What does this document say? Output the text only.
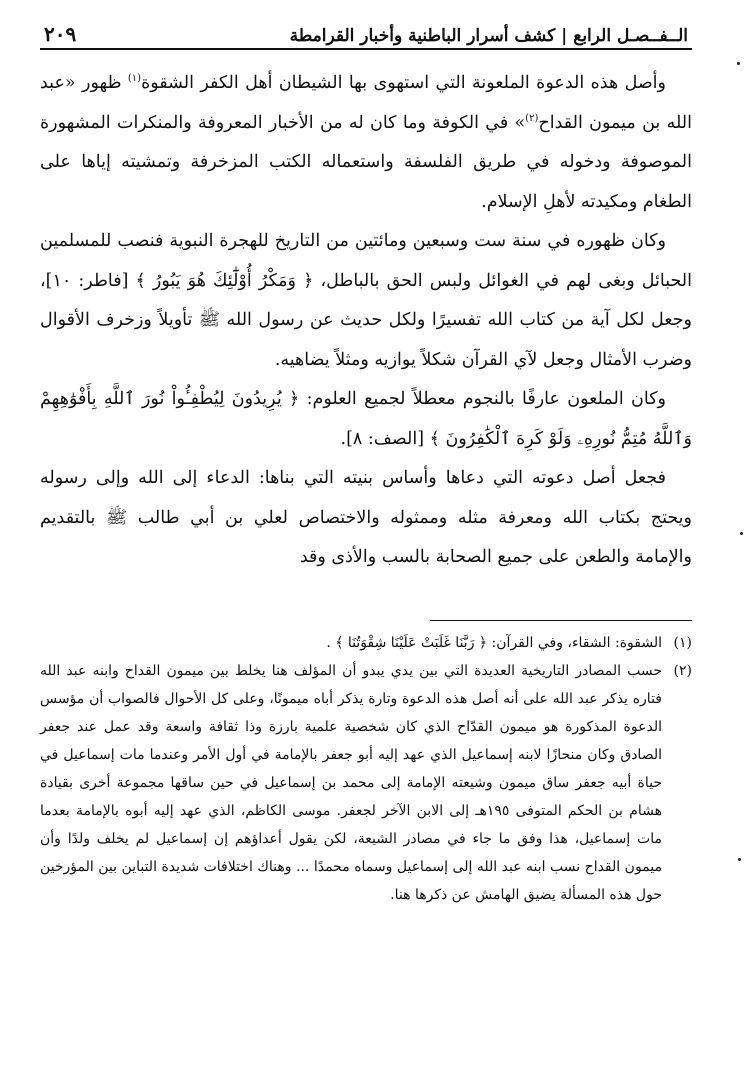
الــفــصـل الرابع | كشف أسرار الباطنية وأخبار القرامطة
٢٠٩

وأصل هذه الدعوة الملعونة التي استهوى بها الشيطان أهل الكفر الشقوة$^{(١)}$ ظهور «عبد الله بن ميمون القداح$^{(٢)}$» في الكوفة وما كان له من الأخبار المعروفة والمنكرات المشهورة الموصوفة ودخوله في طريق الفلسفة واستعماله الكتب المزخرفة وتمشيته إياها على الطغام ومكيدته لأهلِ الإسلام.

وكان ظهوره في سنة ست وسبعين ومائتين من التاريخ للهجرة النبوية فنصب للمسلمين الحبائل وبغى لهم في الغوائل ولبس الحق بالباطل، ﴿ وَمَكْرُ أُوْلَٰٓئِكَ هُوَ يَبُورُ ﴾ [فاطر: ١٠]، وجعل لكل آية من كتاب الله تفسيرًا ولكل حديث عن رسول الله ﷺ تأويلاً وزخرف الأقوال وضرب الأمثال وجعل لآي القرآن شكلاً يوازيه ومثلاً يضاهيه.

وكان الملعون عارفًا بالنجوم معطلاً لجميع العلوم: ﴿ يُرِيدُونَ لِيُطْفِـُٔواْ نُورَ ٱللَّهِ بِأَفْوَٰهِهِمْ وَٱللَّهُ مُتِمُّ نُورِهِۦ وَلَوْ كَرِهَ ٱلْكَٰفِرُونَ ﴾ [الصف: ٨].

فجعل أصل دعوته التي دعاها وأساس بنيته التي بناها: الدعاء إلى الله وإلى رسوله ويحتج بكتاب الله ومعرفة مثله وممثوله والاختصاص لعلي بن أبي طالب ﷺ بالتقديم والإمامة والطعن على جميع الصحابة بالسب والأذى وقد

(١)
الشقوة: الشقاء، وفي القرآن: ﴿ رَبَّنَا غَلَبَتْ عَلَيْنَا شِقْوَتُنَا ﴾ .

(٢)
حسب المصادر التاريخية العديدة التي بين يدي يبدو أن المؤلف هنا يخلط بين ميمون القداح وابنه عبد الله فتاره يذكر عبد الله على أنه أصل هذه الدعوة وتارة يذكر أباه ميمونًا، وعلى كل الأحوال فالصواب أن مؤسس الدعوة المذكورة هو ميمون القدّاح الذي كان شخصية علمية بارزة وذا ثقافة واسعة وقد عمل عند جعفر الصادق وكان منحازًا لابنه إسماعيل الذي عهد إليه أبو جعفر بالإمامة في أول الأمر وعندما مات إسماعيل في حياة أبيه جعفر ساق ميمون وشيعته الإمامة إلى محمد بن إسماعيل في حين ساقها مجموعة أخرى بقيادة هشام بن الحكم المتوفى ١٩٥هـ إلى الابن الآخر لجعفر. موسى الكاظم، الذي عهد إليه أبوه بالإمامة بعدما مات إسماعيل، هذا وفق ما جاء في مصادر الشيعة، لكن يقول أعداؤهم إن إسماعيل لم يخلف ولدًا وأن ميمون القداح نسب ابنه عبد الله إلى إسماعيل وسماه محمدًا ... وهناك اختلافات شديدة التباين بين المؤرخين حول هذه المسألة يضيق الهامش عن ذكرها هنا.
